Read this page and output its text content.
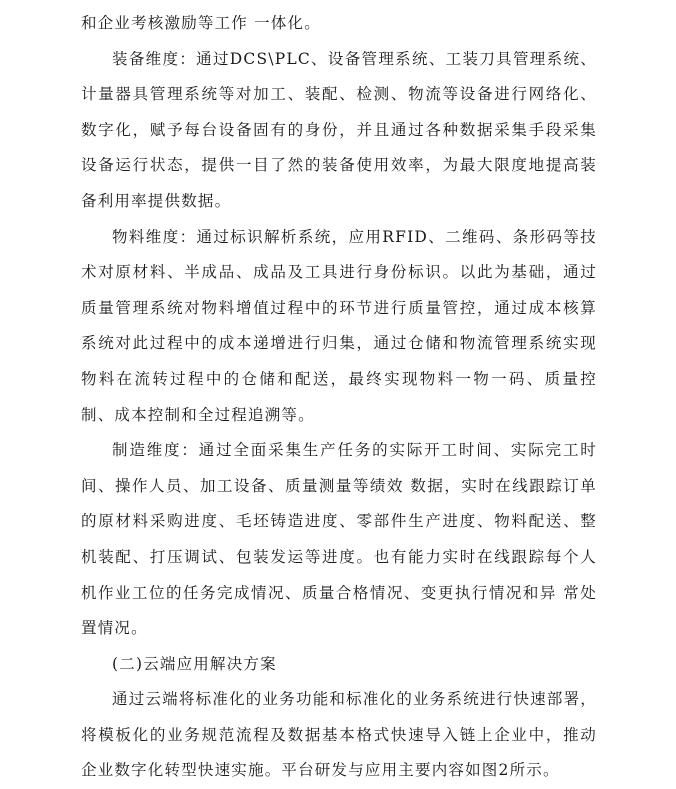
和企业考核激励等工作 一体化。

装备维度：通过DCS\PLC、设备管理系统、工装刀具管理系统、计量器具管理系统等对加工、装配、检测、物流等设备进行网络化、数字化，赋予每台设备固有的身份，并且通过各种数据采集手段采集设备运行状态，提供一目了然的装备使用效率，为最大限度地提高装备利用率提供数据。

物料维度：通过标识解析系统，应用RFID、二维码、条形码等技术对原材料、半成品、成品及工具进行身份标识。以此为基础，通过质量管理系统对物料增值过程中的环节进行质量管控，通过成本核算系统对此过程中的成本递增进行归集，通过仓储和物流管理系统实现物料在流转过程中的仓储和配送，最终实现物料一物一码、质量控制、成本控制和全过程追溯等。

制造维度：通过全面采集生产任务的实际开工时间、实际完工时间、操作人员、加工设备、质量测量等绩效 数据，实时在线跟踪订单的原材料采购进度、毛坯铸造进度、零部件生产进度、物料配送、整机装配、打压调试、包装发运等进度。也有能力实时在线跟踪每个人机作业工位的任务完成情况、质量合格情况、变更执行情况和异 常处置情况。

(二)云端应用解决方案

通过云端将标准化的业务功能和标准化的业务系统进行快速部署，将模板化的业务规范流程及数据基本格式快速导入链上企业中，推动企业数字化转型快速实施。平台研发与应用主要内容如图2所示。
